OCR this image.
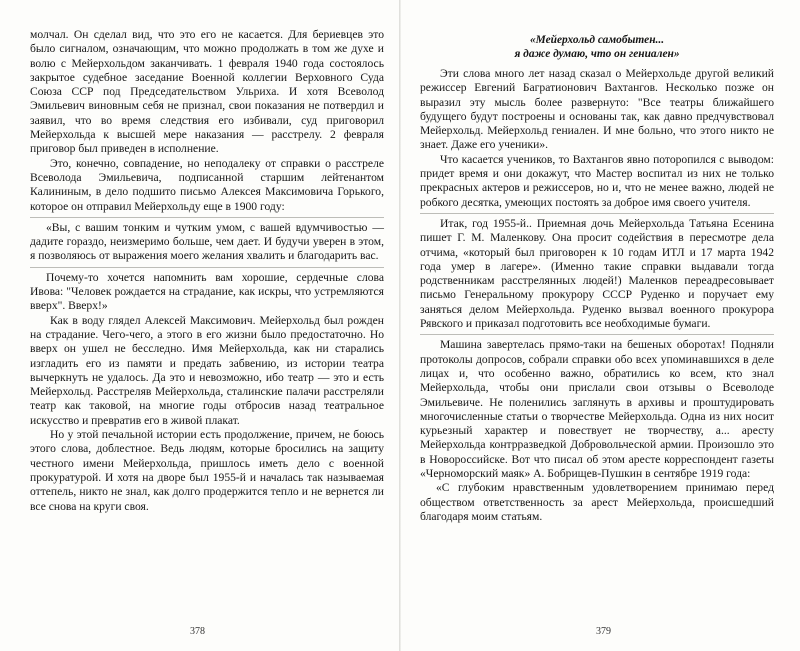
молчал. Он сделал вид, что это его не касается. Для бериевцев это было сигналом, означающим, что можно продолжать в том же духе и волю с Мейерхольдом заканчивать. 1 февраля 1940 года состоялось закрытое судебное заседание Военной коллегии Верховного Суда Союза ССР под Председательством Ульриха. И хотя Всеволод Эмильевич виновным себя не признал, свои показания не потвердил и заявил, что во время следствия его избивали, суд приговорил Мейерхольда к высшей мере наказания — расстрелу. 2 февраля приговор был приведен в исполнение.

Это, конечно, совпадение, но неподалеку от справки о расстреле Всеволода Эмильевича, подписанной старшим лейтенантом Калининым, в дело подшито письмо Алексея Максимовича Горького, которое он отправил Мейерхольду еще в 1900 году:

«Вы, с вашим тонким и чутким умом, с вашей вдумчивостью — дадите гораздо, неизмеримо больше, чем дает. И будучи уверен в этом, я позволяюсь от выражения моего желания хвалить и благодарить вас.

Почему-то хочется напомнить вам хорошие, сердечные слова Ивова: "Человек рождается на страдание, как искры, что устремляются вверх". Вверх!»

Как в воду глядел Алексей Максимович. Мейерхольд был рожден на страдание. Чего-чего, а этого в его жизни было предостаточно. Но вверх он ушел не бесследно. Имя Мейерхольда, как ни старались изгладить его из памяти и предать забвению, из истории театра вычеркнуть не удалось. Да это и невозможно, ибо театр — это и есть Мейерхольд. Расстреляв Мейерхольда, сталинские палачи расстреляли театр как таковой, на многие годы отбросив назад театральное искусство и превратив его в живой плакат.

Но у этой печальной истории есть продолжение, причем, не боюсь этого слова, доблестное. Ведь людям, которые бросились на защиту честного имени Мейерхольда, пришлось иметь дело с военной прокуратурой. И хотя на дворе был 1955-й и началась так называемая оттепель, никто не знал, как долго продержится тепло и не вернется ли все снова на круги своя.

378
«Мейерхольд самобытен...
я даже думаю, что он гениален»

Эти слова много лет назад сказал о Мейерхольде другой великий режиссер Евгений Багратионович Вахтангов. Несколько позже он выразил эту мысль более развернуто: "Все театры ближайшего будущего будут построены и основаны так, как давно предчувствовал Мейерхольд. Мейерхольд гениален. И мне больно, что этого никто не знает. Даже его ученики».

Что касается учеников, то Вахтангов явно поторопился с выводом: придет время и они докажут, что Мастер воспитал из них не только прекрасных актеров и режиссеров, но и, что не менее важно, людей не робкого десятка, умеющих постоять за доброе имя своего учителя.

Итак, год 1955-й.. Приемная дочь Мейерхольда Татьяна Есенина пишет Г. М. Маленкову. Она просит содействия в пересмотре дела отчима, «который был приговорен к 10 годам ИТЛ и 17 марта 1942 года умер в лагере». (Именно такие справки выдавали тогда родственникам расстрелянных людей!) Маленков переадресовывает письмо Генеральному прокурору СССР Руденко и поручает ему заняться делом Мейерхольда. Руденко вызвал военного прокурора Рявского и приказал подготовить все необходимые бумаги.

Машина завертелась прямо-таки на бешеных оборотах! Подняли протоколы допросов, собрали справки обо всех упоминавшихся в деле лицах и, что особенно важно, обратились ко всем, кто знал Мейерхольда, чтобы они прислали свои отзывы о Всеволоде Эмильевиче. Не поленились заглянуть в архивы и проштудировать многочисленные статьи о творчестве Мейерхольда. Одна из них носит курьезный характер и повествует не творчеству, а... аресту Мейерхольда контрразведкой Добровольческой армии. Произошло это в Новороссийске. Вот что писал об этом аресте корреспондент газеты «Черноморский маяк» А. Бобрищев-Пушкин в сентябре 1919 года:

«С глубоким нравственным удовлетворением принимаю перед обществом ответственность за арест Мейерхольда, происшедший благодаря моим статьям.

379
